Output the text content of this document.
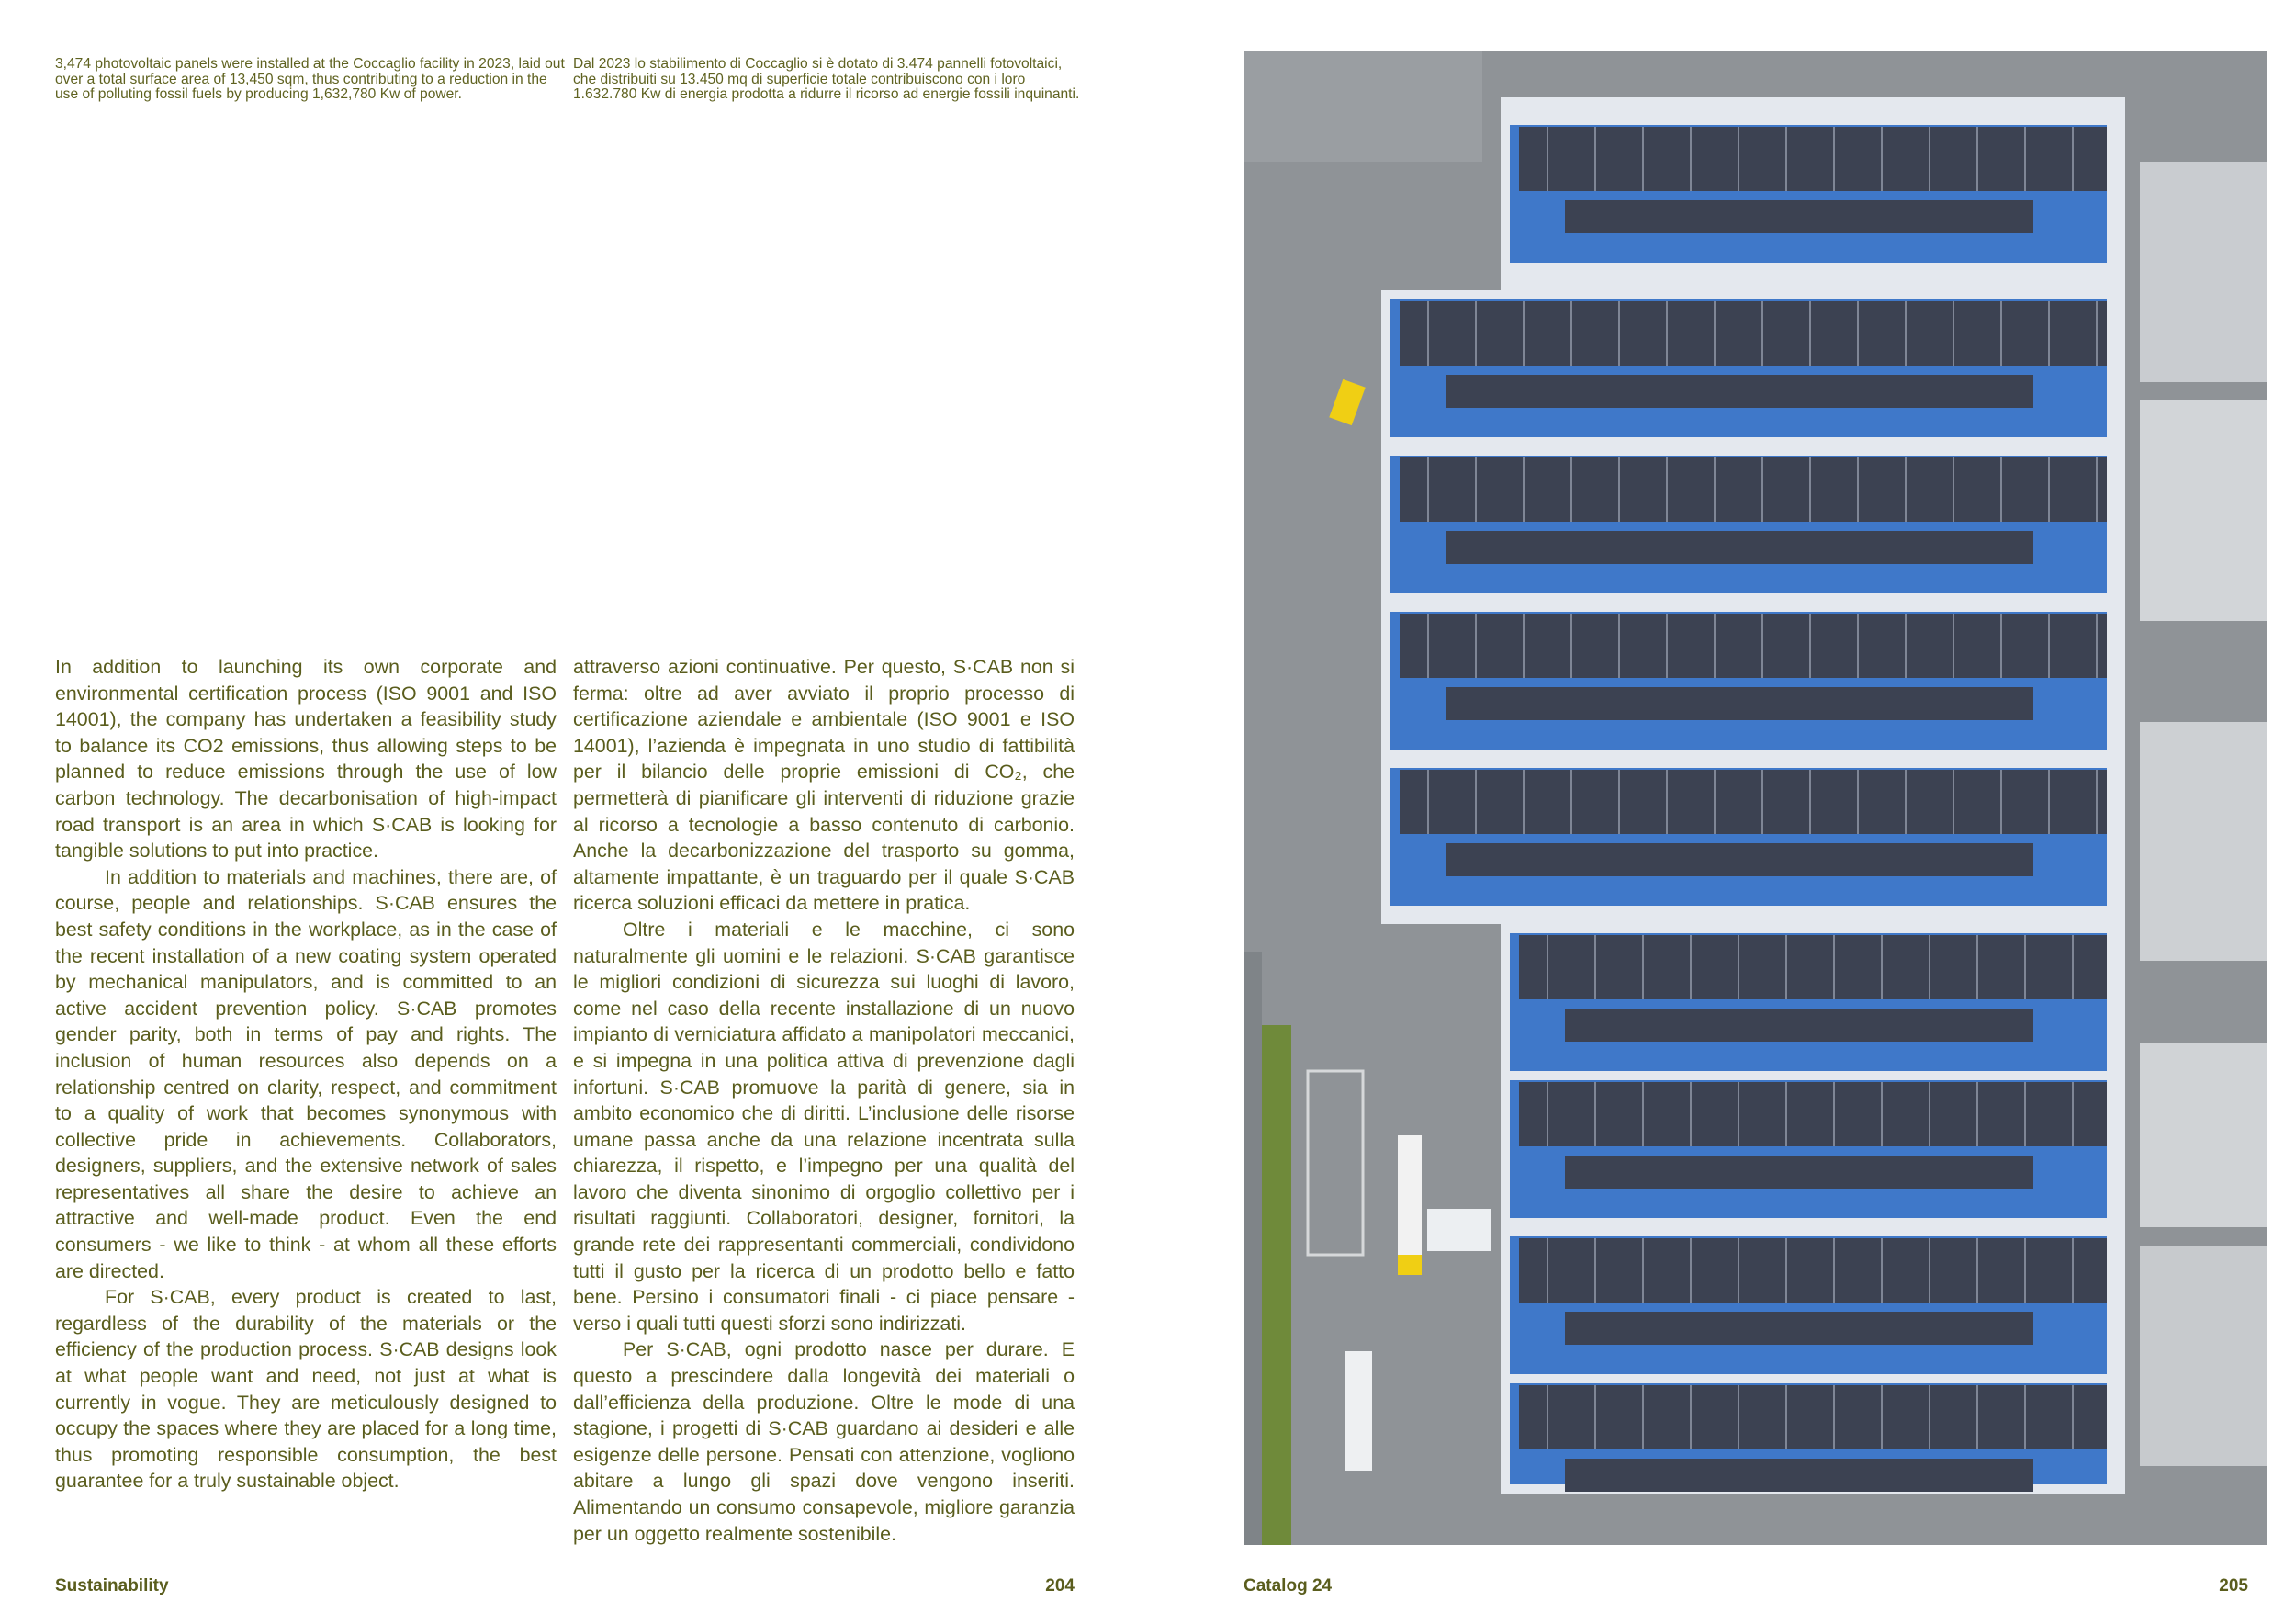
3,474 photovoltaic panels were installed at the Coccaglio facility in 2023, laid out over a total surface area of 13,450 sqm, thus contributing to a reduction in the use of polluting fossil fuels by producing 1,632,780 Kw of power.
Dal 2023 lo stabilimento di Coccaglio si è dotato di 3.474 pannelli fotovoltaici, che distribuiti su 13.450 mq di superficie totale contribuiscono con i loro 1.632.780 Kw di energia prodotta a ridurre il ricorso ad energie fossili inquinanti.

In addition to launching its own corporate and environmental certification process (ISO 9001 and ISO 14001), the company has undertaken a feasibility study to balance its CO2 emissions, thus allowing steps to be planned to reduce emissions through the use of low carbon technology. The decarbonisation of high-impact road transport is an area in which S·CAB is looking for tangible solutions to put into practice.

In addition to materials and machines, there are, of course, people and relationships. S·CAB ensures the best safety conditions in the workplace, as in the case of the recent installation of a new coating system operated by mechanical manipulators, and is committed to an active accident prevention policy. S·CAB promotes gender parity, both in terms of pay and rights. The inclusion of human resources also depends on a relationship centred on clarity, respect, and commitment to a quality of work that becomes synonymous with collective pride in achievements. Collaborators, designers, suppliers, and the extensive network of sales representatives all share the desire to achieve an attractive and well-made product. Even the end consumers - we like to think - at whom all these efforts are directed.

For S·CAB, every product is created to last, regardless of the durability of the materials or the efficiency of the production process. S·CAB designs look at what people want and need, not just at what is currently in vogue. They are meticulously designed to occupy the spaces where they are placed for a long time, thus promoting responsible consumption, the best guarantee for a truly sustainable object.

attraverso azioni continuative. Per questo, S·CAB non si ferma: oltre ad aver avviato il proprio processo di certificazione aziendale e ambientale (ISO 9001 e ISO 14001), l’azienda è impegnata in uno studio di fattibilità per il bilancio delle proprie emissioni di CO₂, che permetterà di pianificare gli interventi di riduzione grazie al ricorso a tecnologie a basso contenuto di carbonio. Anche la decarbonizzazione del trasporto su gomma, altamente impattante, è un traguardo per il quale S·CAB ricerca soluzioni efficaci da mettere in pratica.

Oltre i materiali e le macchine, ci sono naturalmente gli uomini e le relazioni. S·CAB garantisce le migliori condizioni di sicurezza sui luoghi di lavoro, come nel caso della recente installazione di un nuovo impianto di verniciatura affidato a manipolatori meccanici, e si impegna in una politica attiva di prevenzione dagli infortuni. S·CAB promuove la parità di genere, sia in ambito economico che di diritti. L’inclusione delle risorse umane passa anche da una relazione incentrata sulla chiarezza, il rispetto, e l’impegno per una qualità del lavoro che diventa sinonimo di orgoglio collettivo per i risultati raggiunti. Collaboratori, designer, fornitori, la grande rete dei rappresentanti commerciali, condividono tutti il gusto per la ricerca di un prodotto bello e fatto bene. Persino i consumatori finali - ci piace pensare - verso i quali tutti questi sforzi sono indirizzati.

Per S·CAB, ogni prodotto nasce per durare. E questo a prescindere dalla longevità dei materiali o dall’efficienza della produzione. Oltre le mode di una stagione, i progetti di S·CAB guardano ai desideri e alle esigenze delle persone. Pensati con attenzione, vogliono abitare a lungo gli spazi dove vengono inseriti. Alimentando un consumo consapevole, migliore garanzia per un oggetto realmente sostenibile.

Sustainability	204	Catalog 24	205
